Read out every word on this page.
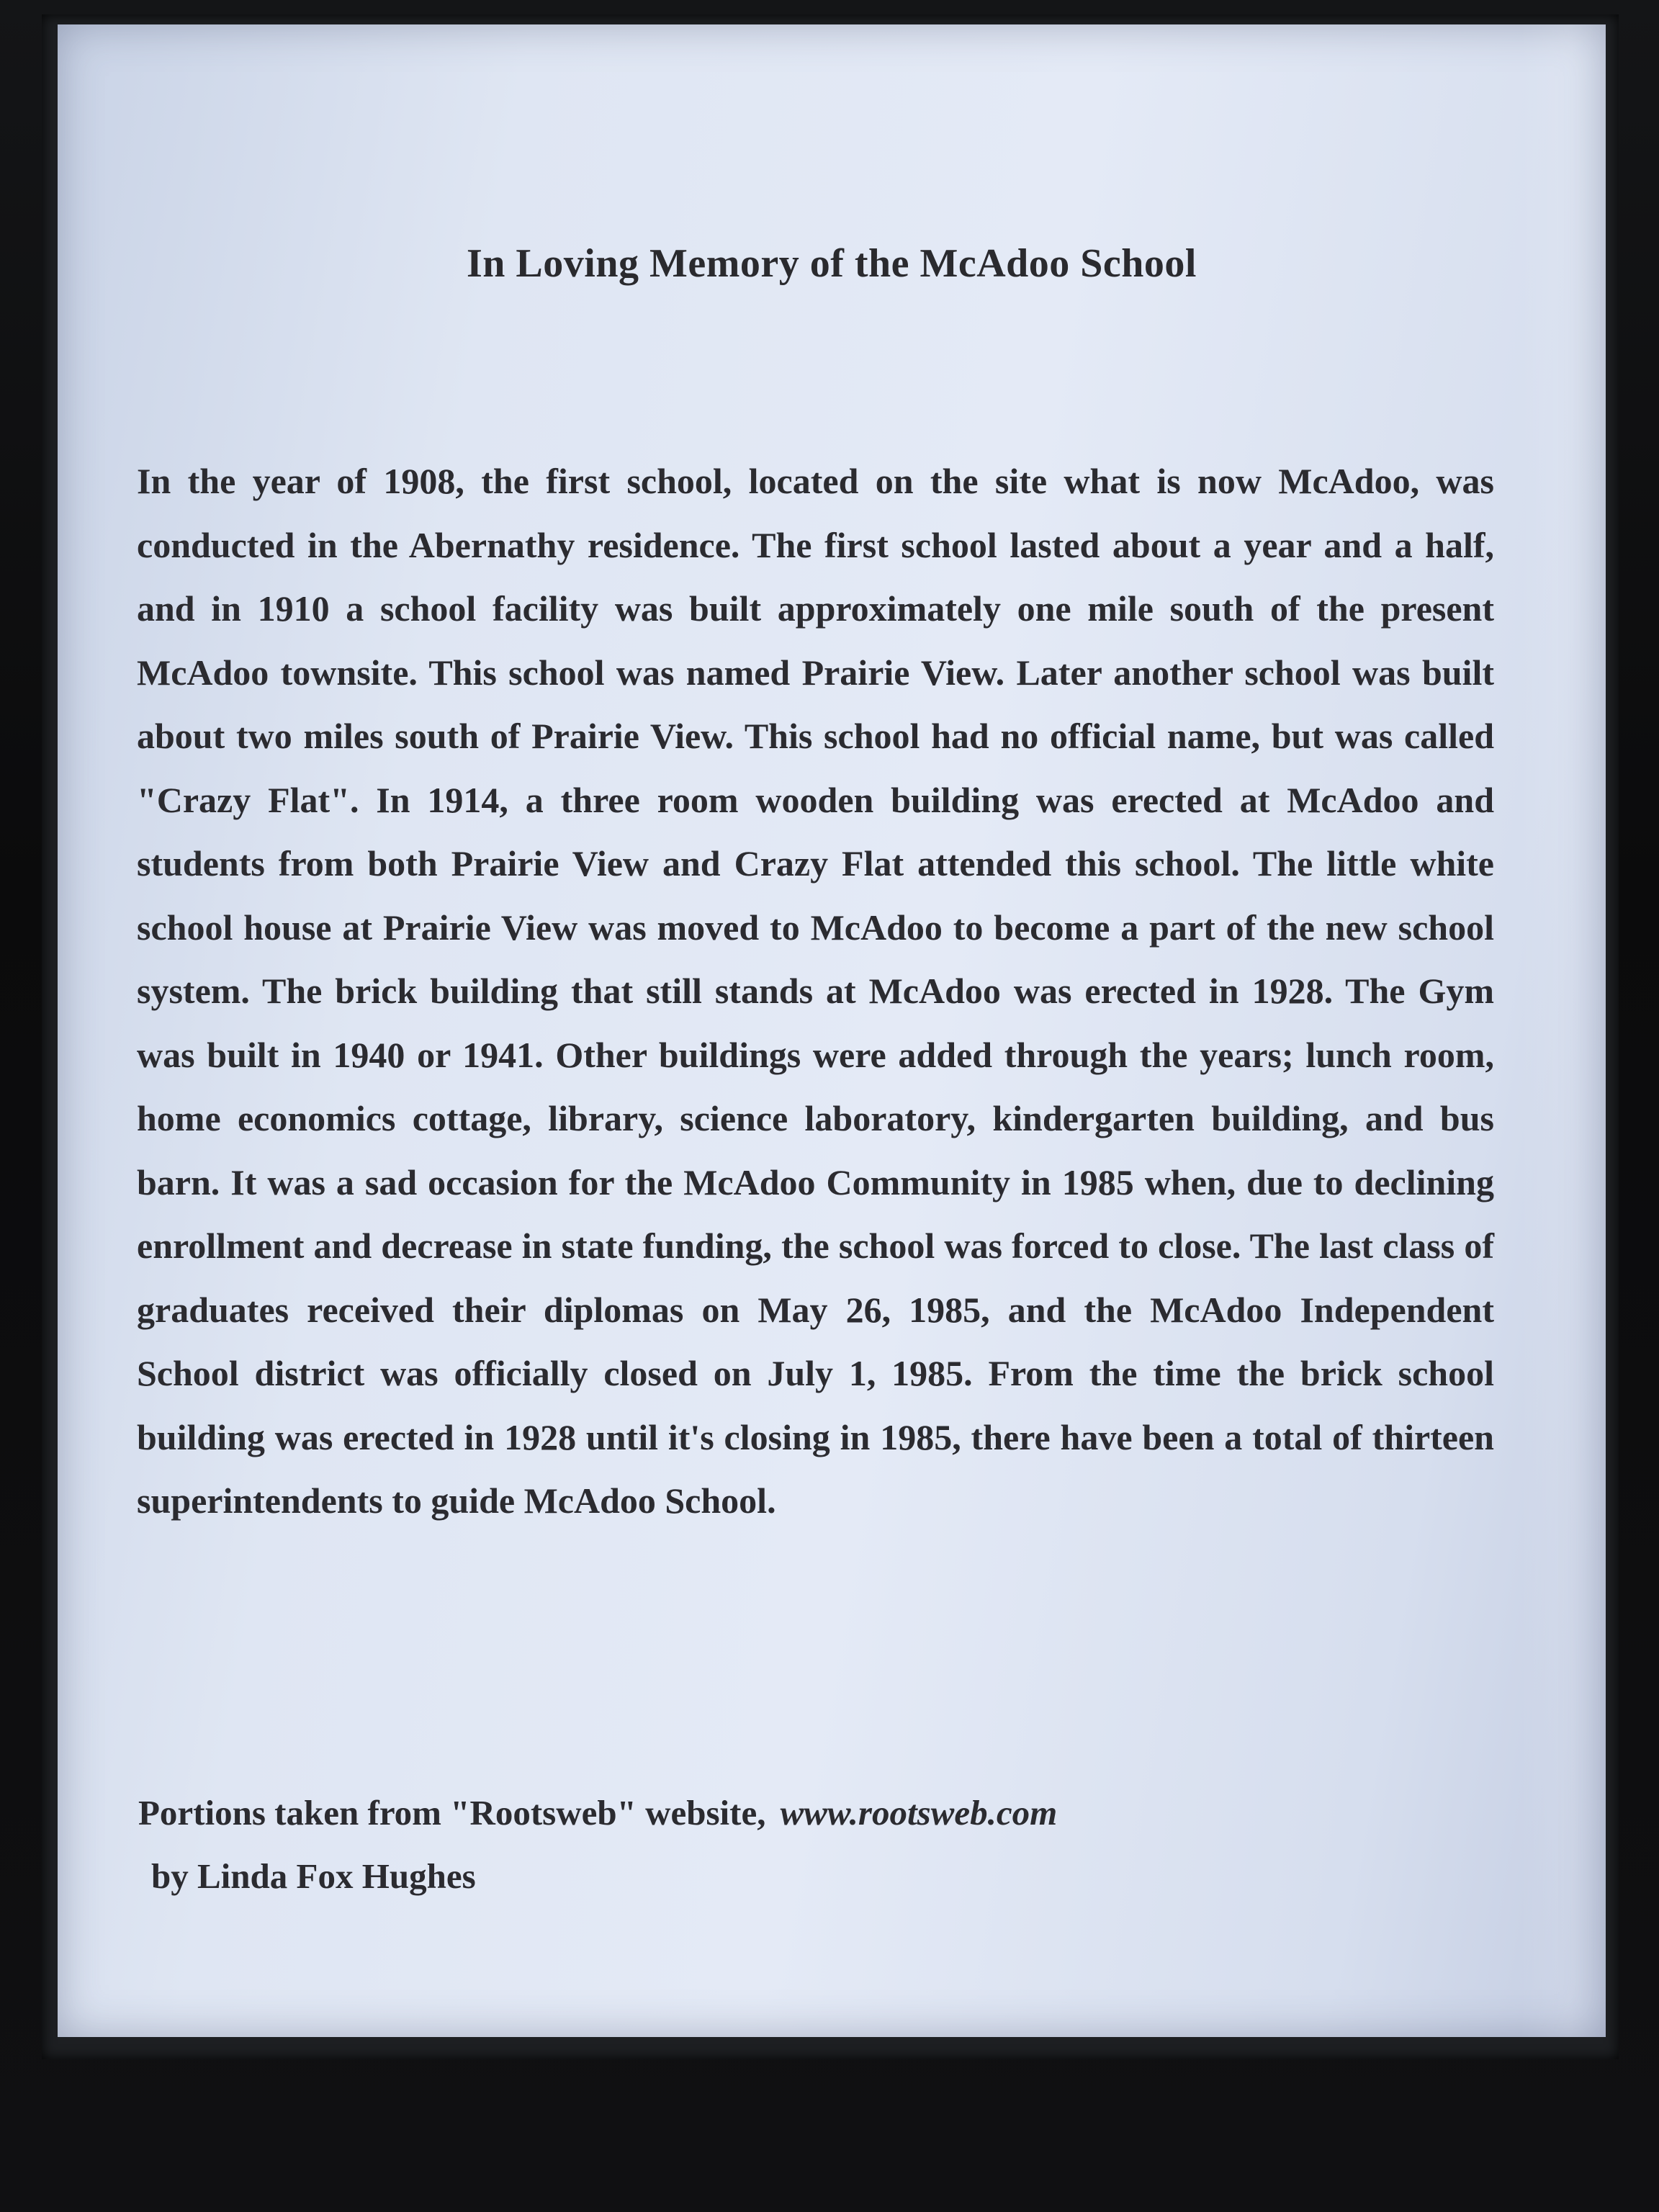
In Loving Memory of the McAdoo School

In the year of 1908, the first school, located on the site what is now McAdoo, was conducted in the Abernathy residence. The first school lasted about a year and a half, and in 1910 a school facility was built approximately one mile south of the present McAdoo townsite. This school was named Prairie View. Later another school was built about two miles south of Prairie View. This school had no official name, but was called "Crazy Flat". In 1914, a three room wooden building was erected at McAdoo and students from both Prairie View and Crazy Flat attended this school. The little white school house at Prairie View was moved to McAdoo to become a part of the new school system. The brick building that still stands at McAdoo was erected in 1928. The Gym was built in 1940 or 1941. Other buildings were added through the years; lunch room, home economics cottage, library, science laboratory, kindergarten building, and bus barn. It was a sad occasion for the McAdoo Community in 1985 when, due to declining enrollment and decrease in state funding, the school was forced to close. The last class of graduates received their diplomas on May 26, 1985, and the McAdoo Independent School district was officially closed on July 1, 1985. From the time the brick school building was erected in 1928 until it's closing in 1985, there have been a total of thirteen superintendents to guide McAdoo School.

Portions taken from "Rootsweb" website, www.rootsweb.com
by Linda Fox Hughes
